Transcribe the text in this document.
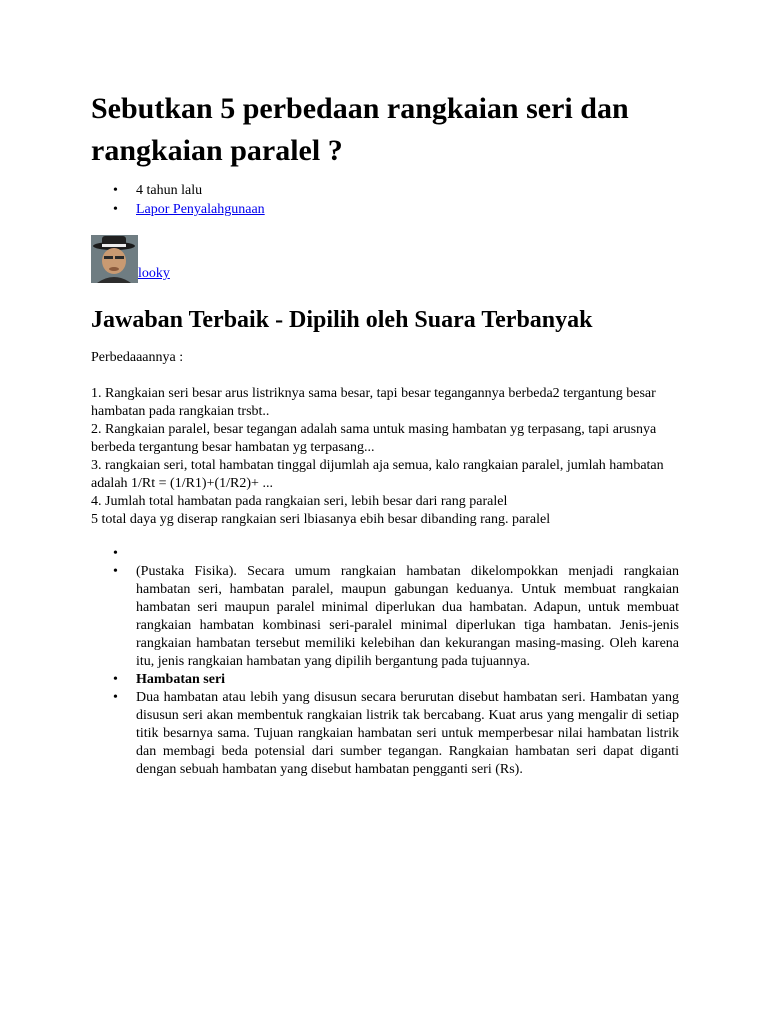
Sebutkan 5 perbedaan rangkaian seri dan rangkaian paralel ?
• 4 tahun lalu
• Lapor Penyalahgunaan
looky
Jawaban Terbaik - Dipilih oleh Suara Terbanyak

Perbedaaannya :

1. Rangkaian seri besar arus listriknya sama besar, tapi besar tegangannya berbeda2 tergantung besar hambatan pada rangkaian trsbt..
2. Rangkaian paralel, besar tegangan adalah sama untuk masing hambatan yg terpasang, tapi arusnya berbeda tergantung besar hambatan yg terpasang...
3. rangkaian seri, total hambatan tinggal dijumlah aja semua, kalo rangkaian paralel, jumlah hambatan adalah 1/Rt = (1/R1)+(1/R2)+ ...
4. Jumlah total hambatan pada rangkaian seri, lebih besar dari rang paralel
5 total daya yg diserap rangkaian seri lbiasanya ebih besar dibanding rang. paralel

•
• (Pustaka Fisika). Secara umum rangkaian hambatan dikelompokkan menjadi rangkaian hambatan seri, hambatan paralel, maupun gabungan keduanya. Untuk membuat rangkaian hambatan seri maupun paralel minimal diperlukan dua hambatan. Adapun, untuk membuat rangkaian hambatan kombinasi seri-paralel minimal diperlukan tiga hambatan. Jenis-jenis rangkaian hambatan tersebut memiliki kelebihan dan kekurangan masing-masing. Oleh karena itu, jenis rangkaian hambatan yang dipilih bergantung pada tujuannya.
• Hambatan seri
• Dua hambatan atau lebih yang disusun secara berurutan disebut hambatan seri. Hambatan yang disusun seri akan membentuk rangkaian listrik tak bercabang. Kuat arus yang mengalir di setiap titik besarnya sama. Tujuan rangkaian hambatan seri untuk memperbesar nilai hambatan listrik dan membagi beda potensial dari sumber tegangan. Rangkaian hambatan seri dapat diganti dengan sebuah hambatan yang disebut hambatan pengganti seri (Rs).
